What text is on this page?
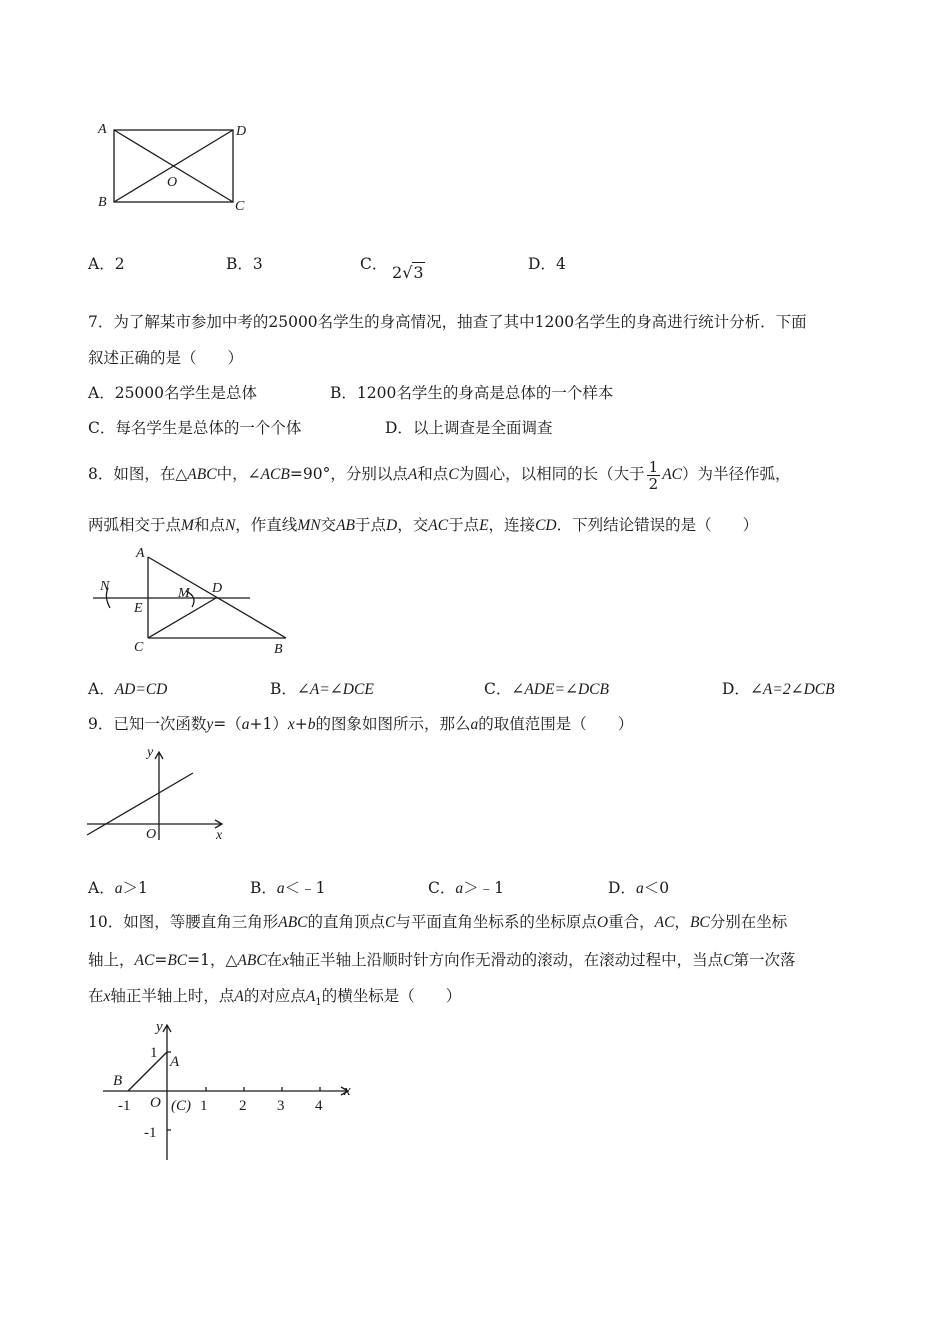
A	D
O
B	C
A．2	B．3	C． 2√3	D．4
7．为了解某市参加中考的25000名学生的身高情况，抽查了其中1200名学生的身高进行统计分析．下面
叙述正确的是（　　）
A．25000名学生是总体	B．1200名学生的身高是总体的一个样本
C．每名学生是总体的一个个体	D．以上调查是全面调查
8．如图，在△ABC中，∠ACB=90°，分别以点A和点C为圆心，以相同的长（大于 $\frac{1}{2} AC$）为半径作弧，
两弧相交于点M和点N，作直线MN交AB于点D，交AC于点E，连接CD．下列结论错误的是（　　）
A
N	M D
E
C	B
A．AD=CD	B．∠A=∠DCE	C．∠ADE=∠DCB	D．∠A=2∠DCB
9．已知一次函数y=（a+1）x+b的图象如图所示，那么a的取值范围是（　　）
y
x
O
A．a＞1	B．a＜﹣1	C．a＞﹣1	D．a＜0
10．如图，等腰直角三角形ABC的直角顶点C与平面直角坐标系的坐标原点O重合，AC，BC分别在坐标
轴上，AC=BC=1，△ABC在x轴正半轴上沿顺时针方向作无滑动的滚动，在滚动过程中，当点C第一次落
在x轴正半轴上时，点A的对应点$A_1$的横坐标是（　　）
y
x
1
A
B
-1 O (C) 1 2 3 4
-1
